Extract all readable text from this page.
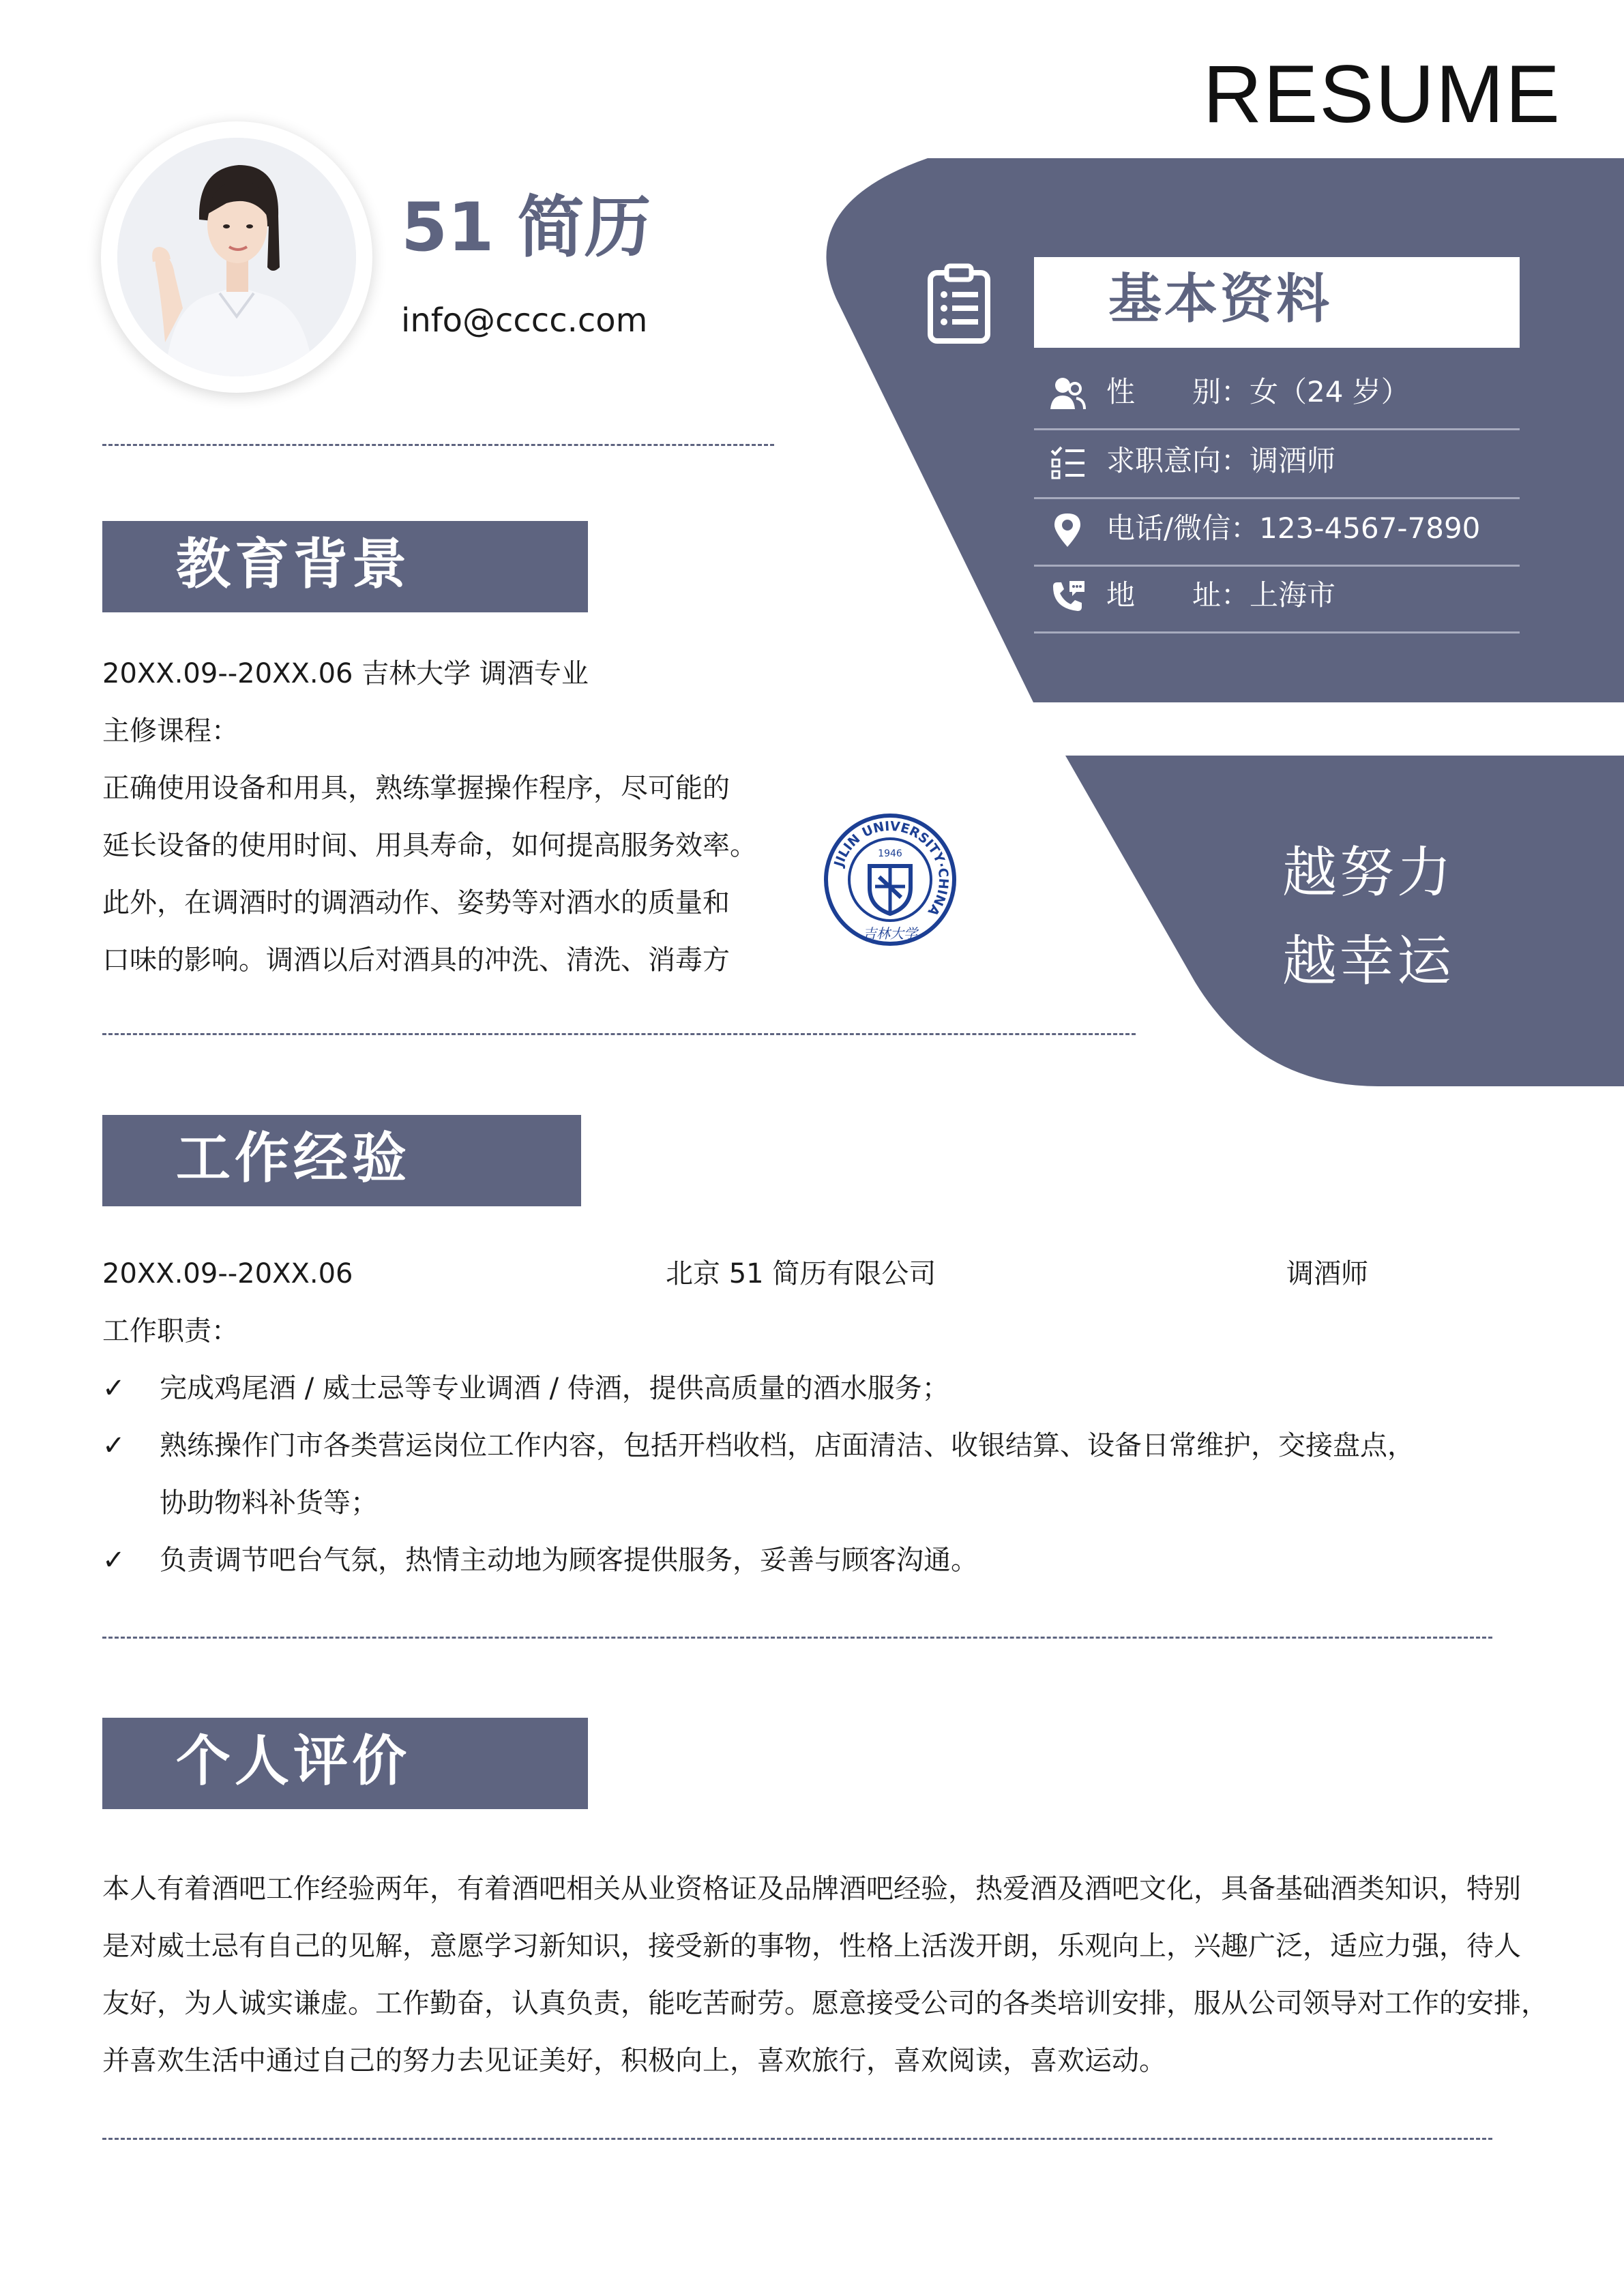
RESUME
51 简历
info@cccc.com	基本资料
性　　别：女（24 岁）
求职意向：调酒师
电话/微信：123-4567-7890
地　　址：上海市
越努力
越幸运
教育背景
20XX.09--20XX.06 吉林大学 调酒专业
主修课程：
正确使用设备和用具，熟练掌握操作程序，尽可能的
延长设备的使用时间、用具寿命，如何提高服务效率。
此外，在调酒时的调酒动作、姿势等对酒水的质量和
口味的影响。调酒以后对酒具的冲洗、清洗、消毒方
JILIN UNIVERSITY·CHINA
1946
吉林大学
工作经验
20XX.09--20XX.06	北京 51 简历有限公司	调酒师
工作职责：
✓ 完成鸡尾酒 / 威士忌等专业调酒 / 侍酒，提供高质量的酒水服务；
✓ 熟练操作门市各类营运岗位工作内容，包括开档收档，店面清洁、收银结算、设备日常维护，交接盘点，
协助物料补货等；
✓ 负责调节吧台气氛，热情主动地为顾客提供服务，妥善与顾客沟通。
个人评价
本人有着酒吧工作经验两年，有着酒吧相关从业资格证及品牌酒吧经验，热爱酒及酒吧文化，具备基础酒类知识，特别
是对威士忌有自己的见解，意愿学习新知识，接受新的事物，性格上活泼开朗，乐观向上，兴趣广泛，适应力强，待人
友好，为人诚实谦虚。工作勤奋，认真负责，能吃苦耐劳。愿意接受公司的各类培训安排，服从公司领导对工作的安排，
并喜欢生活中通过自己的努力去见证美好，积极向上，喜欢旅行，喜欢阅读，喜欢运动。
